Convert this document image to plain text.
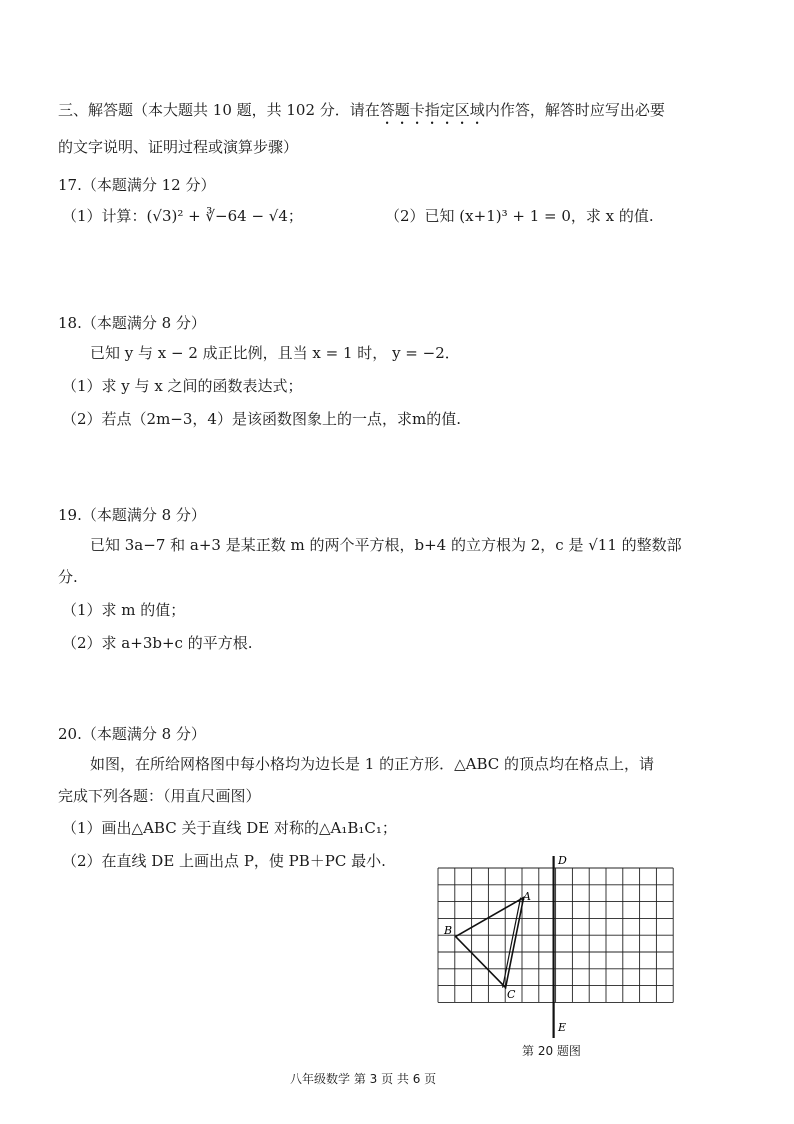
三、解答题（本大题共 10 题，共 102 分．请在答题卡指定区域内作答，解答时应写出必要
的文字说明、证明过程或演算步骤）
17.（本题满分 12 分）
（1）计算：(√3)² + ∛−64 − √4；	（2）已知 (x+1)³ + 1 = 0，求 x 的值.
18.（本题满分 8 分）
已知 y 与 x − 2 成正比例，且当 x = 1 时， y = −2．
（1）求 y 与 x 之间的函数表达式；
（2）若点（2m−3，4）是该函数图象上的一点，求m的值.
19.（本题满分 8 分）
已知 3a−7 和 a+3 是某正数 m 的两个平方根，b+4 的立方根为 2，c 是 √11 的整数部
分.
（1）求 m 的值；
（2）求 a+3b+c 的平方根.
20.（本题满分 8 分）
如图，在所给网格图中每小格均为边长是 1 的正方形．△ABC 的顶点均在格点上，请
完成下列各题：（用直尺画图）
（1）画出△ABC 关于直线 DE 对称的△A₁B₁C₁；
（2）在直线 DE 上画出点 P，使 PB＋PC 最小.
A
B
C
D
E
第 20 题图
八年级数学 第 3 页 共 6 页
